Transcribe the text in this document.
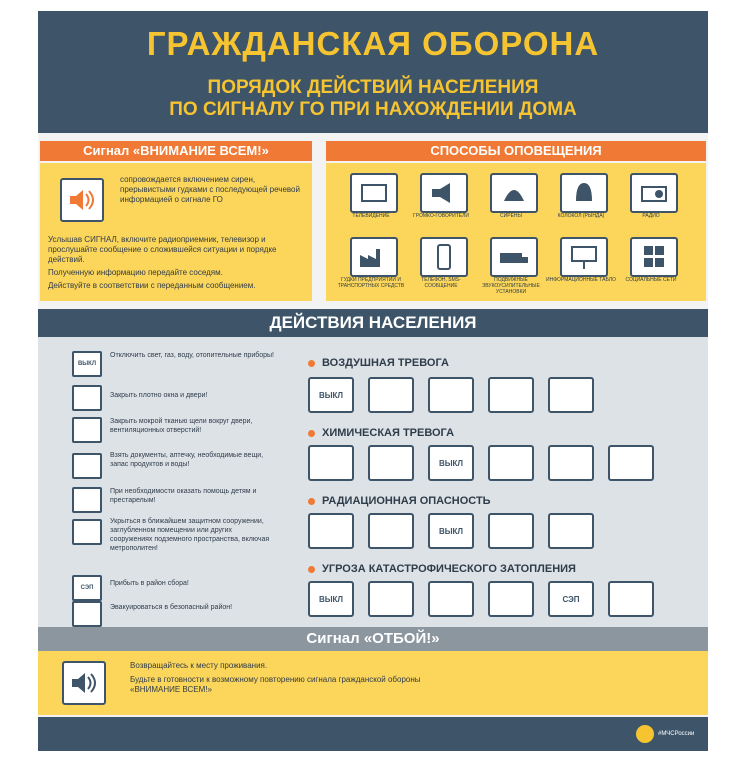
ГРАЖДАНСКАЯ ОБОРОНА
ПОРЯДОК ДЕЙСТВИЙ НАСЕЛЕНИЯ
ПО СИГНАЛУ ГО ПРИ НАХОЖДЕНИИ ДОМА
Сигнал «ВНИМАНИЕ ВСЕМ!»
сопровождается включением сирен, прерывистыми гудками с последующей речевой информацией о сигнале ГО
Услышав СИГНАЛ, включите радиоприемник, телевизор и прослушайте сообщение о сложившейся ситуации и порядке действий.
Полученную информацию передайте соседям.
Действуйте в соответствии с переданным сообщением.
СПОСОБЫ ОПОВЕЩЕНИЯ
ТЕЛЕВИДЕНИЕ	ГРОМКО-ГОВОРИТЕЛИ	СИРЕНЫ	КОЛОКОЛ (РЫНДА)	РАДИО
ГУДКИ ПРЕДПРИЯТИЙ И ТРАНСПОРТНЫХ СРЕДСТВ
ТЕЛЕФОН, SMS-СООБЩЕНИЕ
ПОДВИЖНЫЕ ЗВУКОУСИЛИТЕЛЬНЫЕ УСТАНОВКИ
ИНФОРМАЦИОННЫЕ ТАБЛО	СОЦИАЛЬНЫЕ СЕТИ
ДЕЙСТВИЯ НАСЕЛЕНИЯ
ВЫКЛ
Отключить свет, газ, воду, отопительные приборы!
Закрыть плотно окна и двери!
Закрыть мокрой тканью щели вокруг двери, вентиляционных отверстий!
Взять документы, аптечку, необходимые вещи, запас продуктов и воды!
При необходимости оказать помощь детям и престарелым!
Укрыться в ближайшем защитном сооружении, заглубленном помещении или других сооружениях подземного пространства, включая метрополитен!
СЭП
Прибыть в район сбора!
Эвакуироваться в безопасный район!
ВОЗДУШНАЯ ТРЕВОГА
ВЫКЛ
ХИМИЧЕСКАЯ ТРЕВОГА
ВЫКЛ
РАДИАЦИОННАЯ ОПАСНОСТЬ
ВЫКЛ
УГРОЗА КАТАСТРОФИЧЕСКОГО ЗАТОПЛЕНИЯ
ВЫКЛ	СЭП
Сигнал «ОТБОЙ!»
Возвращайтесь к месту проживания.
Будьте в готовности к возможному повторению сигнала гражданской обороны «ВНИМАНИЕ ВСЕМ!»
#МЧСРоссии
